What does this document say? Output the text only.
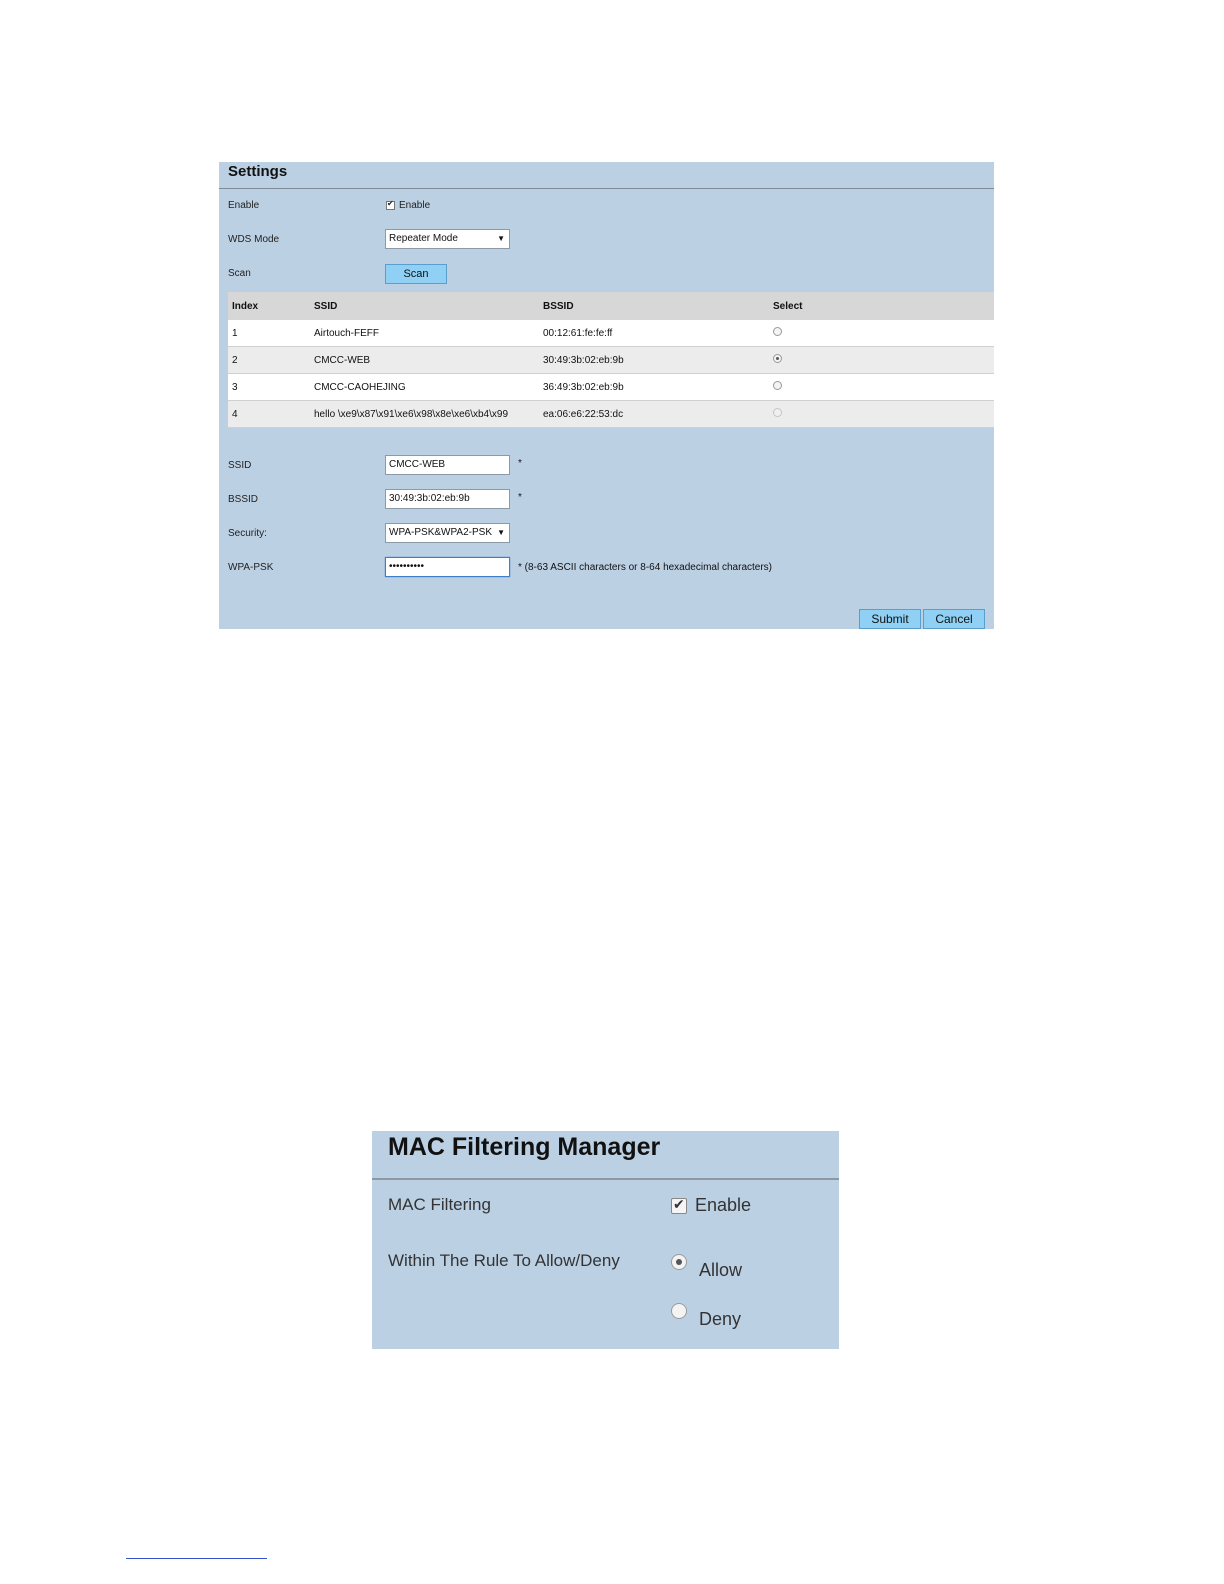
Settings
Enable ✔	Enable
WDS Mode	Repeater Mode	▼
Scan	Scan
Index	SSID	BSSID	Select
1	Airtouch-FEFF	00:12:61:fe:fe:ff	
2	CMCC-WEB	30:49:3b:02:eb:9b	
3	CMCC-CAOHEJING	36:49:3b:02:eb:9b	
4	hello \xe9\x87\x91\xe6\x98\x8e\xe6\xb4\x99	ea:06:e6:22:53:dc	
SSID	CMCC-WEB	*
BSSID	30:49:3b:02:eb:9b	*
Security:	WPA-PSK&WPA2-PSK ▼
WPA-PSK	••••••••••	* (8-63 ASCII characters or 8-64 hexadecimal characters)
Submit	Cancel
MAC Filtering Manager
MAC Filtering ✔	Enable
Within The Rule To Allow/Deny	Allow
Deny
